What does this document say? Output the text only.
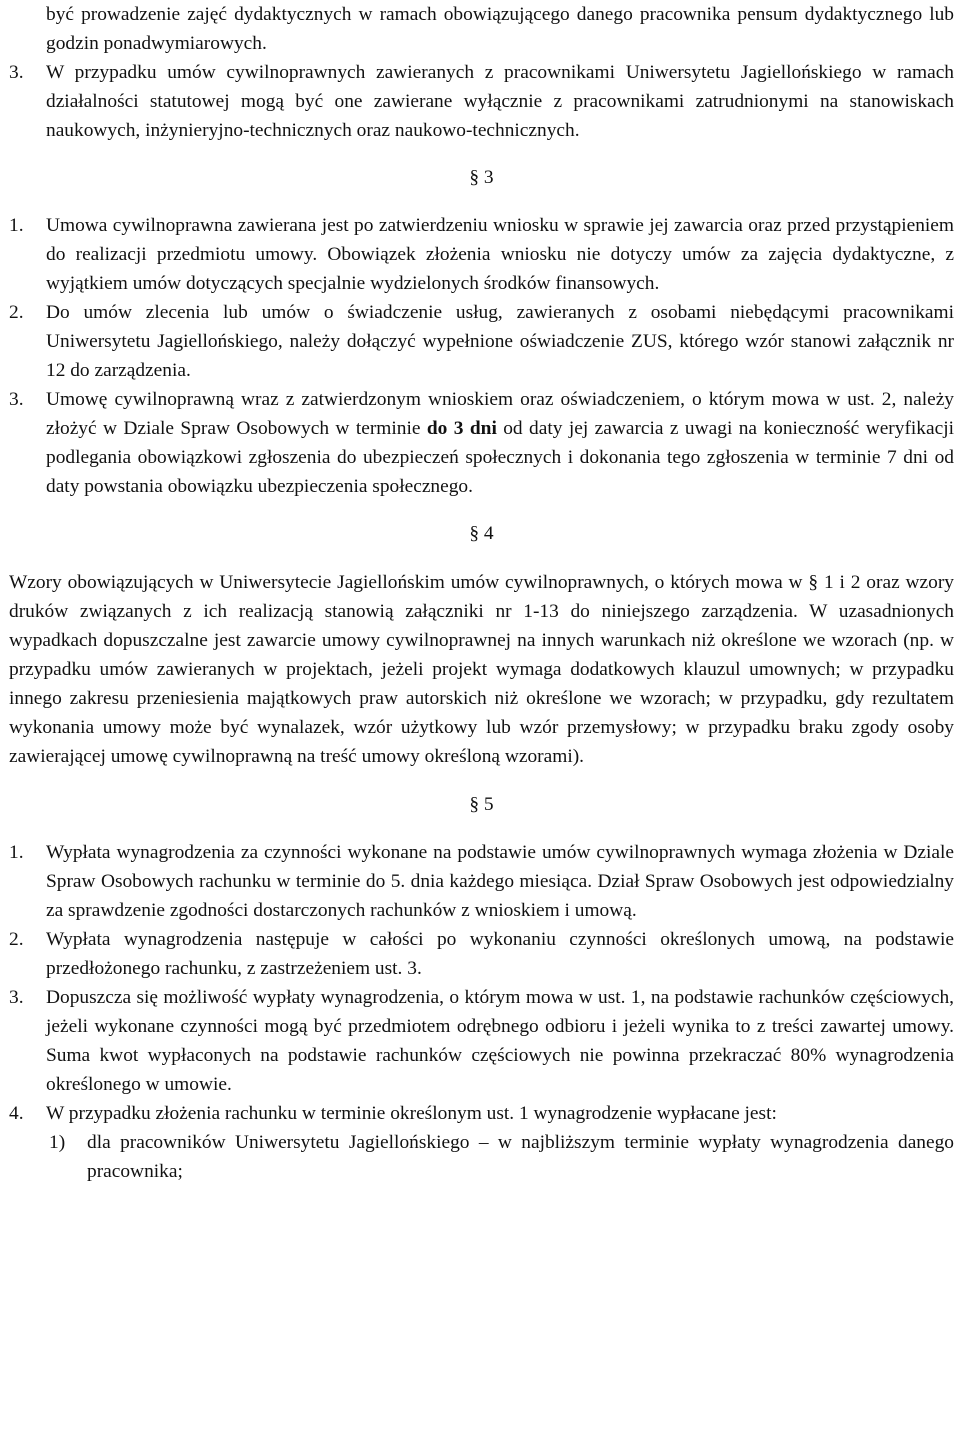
być prowadzenie zajęć dydaktycznych w ramach obowiązującego danego pracownika pensum dydaktycznego lub godzin ponadwymiarowych.

3. W przypadku umów cywilnoprawnych zawieranych z pracownikami Uniwersytetu Jagiellońskiego w ramach działalności statutowej mogą być one zawierane wyłącznie z pracownikami zatrudnionymi na stanowiskach naukowych, inżynieryjno-technicznych oraz naukowo-technicznych.

§ 3

1. Umowa cywilnoprawna zawierana jest po zatwierdzeniu wniosku w sprawie jej zawarcia oraz przed przystąpieniem do realizacji przedmiotu umowy. Obowiązek złożenia wniosku nie dotyczy umów za zajęcia dydaktyczne, z wyjątkiem umów dotyczących specjalnie wydzielonych środków finansowych.

2. Do umów zlecenia lub umów o świadczenie usług, zawieranych z osobami niebędącymi pracownikami Uniwersytetu Jagiellońskiego, należy dołączyć wypełnione oświadczenie ZUS, którego wzór stanowi załącznik nr 12 do zarządzenia.

3. Umowę cywilnoprawną wraz z zatwierdzonym wnioskiem oraz oświadczeniem, o którym mowa w ust. 2, należy złożyć w Dziale Spraw Osobowych w terminie do 3 dni od daty jej zawarcia z uwagi na konieczność weryfikacji podlegania obowiązkowi zgłoszenia do ubezpieczeń społecznych i dokonania tego zgłoszenia w terminie 7 dni od daty powstania obowiązku ubezpieczenia społecznego.

§ 4

Wzory obowiązujących w Uniwersytecie Jagiellońskim umów cywilnoprawnych, o których mowa w § 1 i 2 oraz wzory druków związanych z ich realizacją stanowią załączniki nr 1-13 do niniejszego zarządzenia. W uzasadnionych wypadkach dopuszczalne jest zawarcie umowy cywilnoprawnej na innych warunkach niż określone we wzorach (np. w przypadku umów zawieranych w projektach, jeżeli projekt wymaga dodatkowych klauzul umownych; w przypadku innego zakresu przeniesienia majątkowych praw autorskich niż określone we wzorach; w przypadku, gdy rezultatem wykonania umowy może być wynalazek, wzór użytkowy lub wzór przemysłowy; w przypadku braku zgody osoby zawierającej umowę cywilnoprawną na treść umowy określoną wzorami).

§ 5

1. Wypłata wynagrodzenia za czynności wykonane na podstawie umów cywilnoprawnych wymaga złożenia w Dziale Spraw Osobowych rachunku w terminie do 5. dnia każdego miesiąca. Dział Spraw Osobowych jest odpowiedzialny za sprawdzenie zgodności dostarczonych rachunków z wnioskiem i umową.

2. Wypłata wynagrodzenia następuje w całości po wykonaniu czynności określonych umową, na podstawie przedłożonego rachunku, z zastrzeżeniem ust. 3.

3. Dopuszcza się możliwość wypłaty wynagrodzenia, o którym mowa w ust. 1, na podstawie rachunków częściowych, jeżeli wykonane czynności mogą być przedmiotem odrębnego odbioru i jeżeli wynika to z treści zawartej umowy. Suma kwot wypłaconych na podstawie rachunków częściowych nie powinna przekraczać 80% wynagrodzenia określonego w umowie.

4. W przypadku złożenia rachunku w terminie określonym ust. 1 wynagrodzenie wypłacane jest:

1) dla pracowników Uniwersytetu Jagiellońskiego – w najbliższym terminie wypłaty wynagrodzenia danego pracownika;
